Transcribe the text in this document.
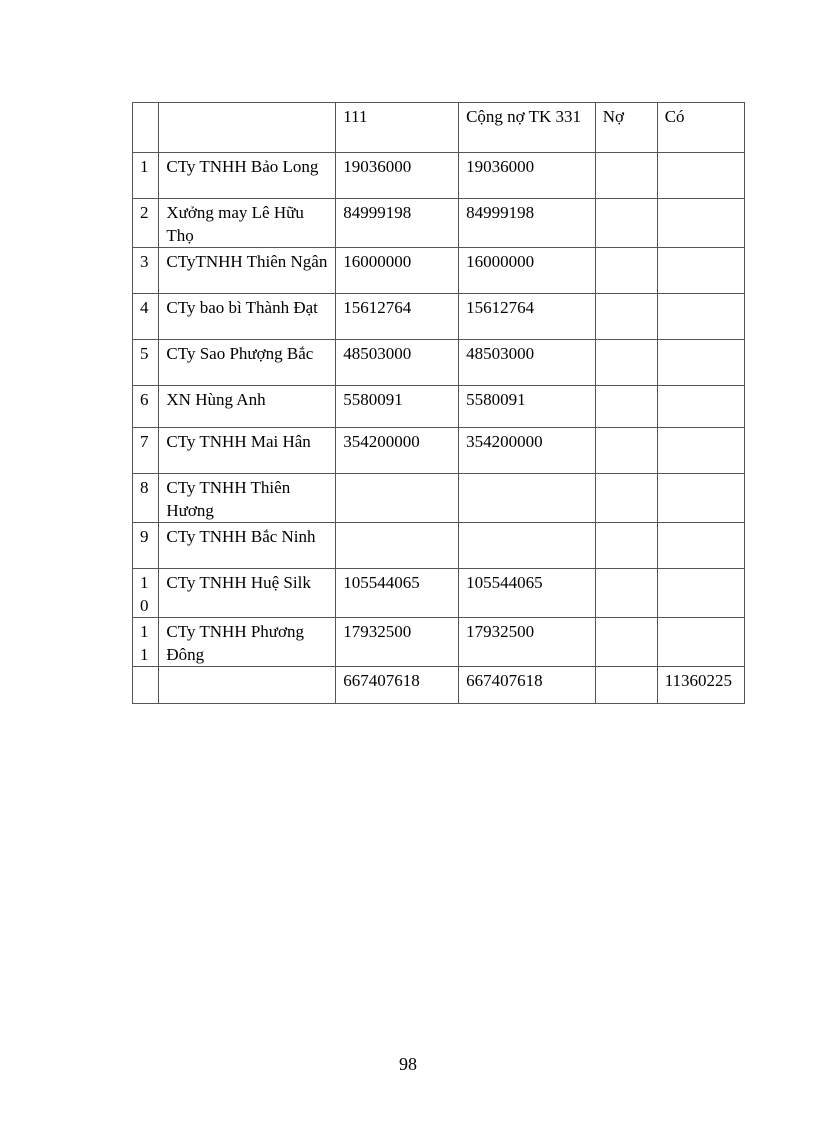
		111	Cộng nợ TK 331	Nợ	Có
1	CTy TNHH Bảo Long	19036000	19036000		
2	Xưởng may Lê Hữu Thọ	84999198	84999198		
3	CTyTNHH Thiên Ngân	16000000	16000000		
4	CTy bao bì Thành Đạt	15612764	15612764		
5	CTy Sao Phượng Bắc	48503000	48503000		
6	XN Hùng Anh	5580091	5580091		
7	CTy TNHH Mai Hân	354200000	354200000		
8	CTy TNHH Thiên Hương				
9	CTy TNHH Bắc Ninh				
10	CTy TNHH Huệ Silk	105544065	105544065		
11	CTy TNHH Phương Đông	17932500	17932500		
		667407618	667407618		11360225
98
